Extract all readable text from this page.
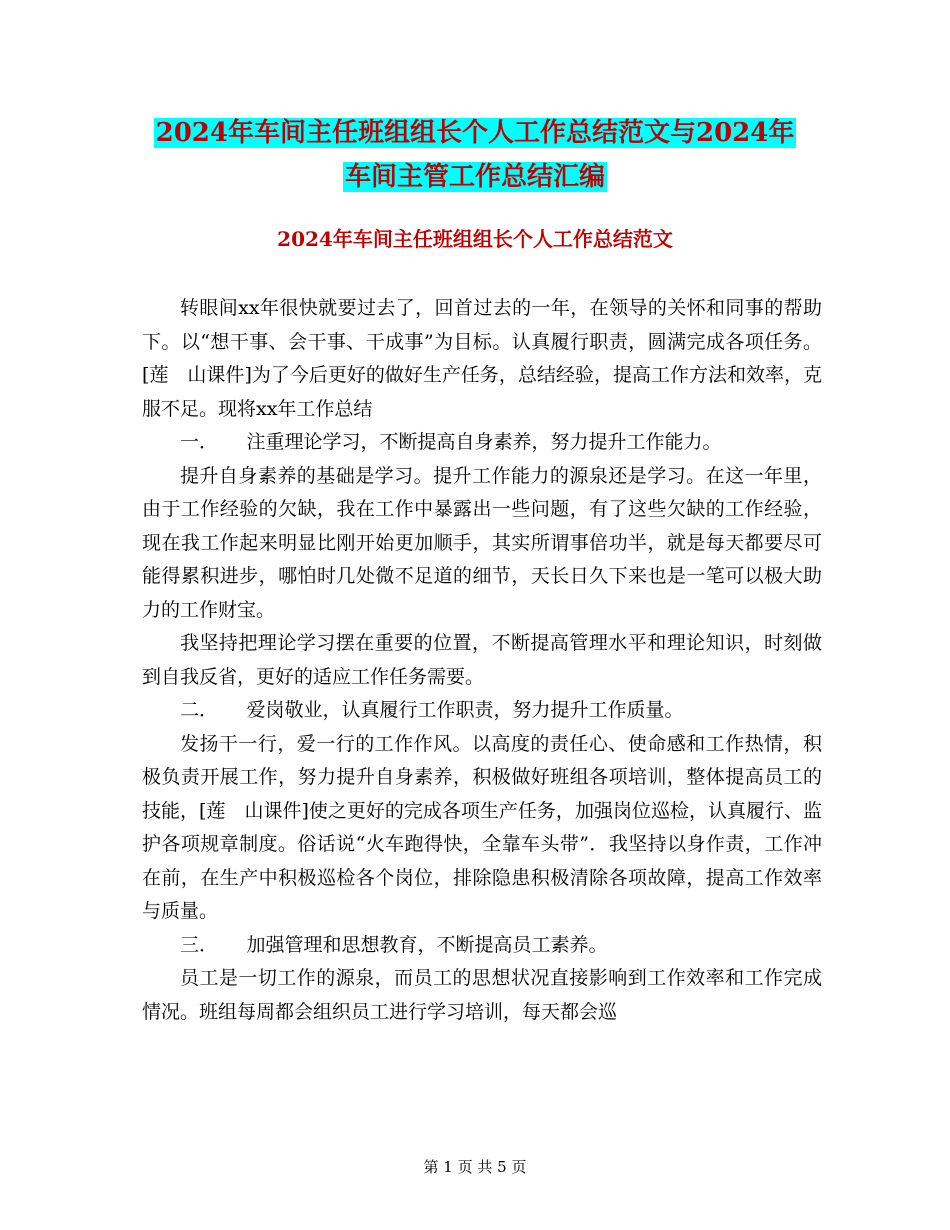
2024年车间主任班组组长个人工作总结范文与2024年
车间主管工作总结汇编
2024年车间主任班组组长个人工作总结范文

转眼间xx年很快就要过去了，回首过去的一年，在领导的关怀和同事的帮助下。以“想干事、会干事、干成事”为目标。认真履行职责，圆满完成各项任务。[莲　山课件]为了今后更好的做好生产任务，总结经验，提高工作方法和效率，克服不足。现将xx年工作总结

一．　　注重理论学习，不断提高自身素养，努力提升工作能力。

提升自身素养的基础是学习。提升工作能力的源泉还是学习。在这一年里，由于工作经验的欠缺，我在工作中暴露出一些问题，有了这些欠缺的工作经验，现在我工作起来明显比刚开始更加顺手，其实所谓事倍功半，就是每天都要尽可能得累积进步，哪怕时几处微不足道的细节，天长日久下来也是一笔可以极大助力的工作财宝。

我坚持把理论学习摆在重要的位置，不断提高管理水平和理论知识，时刻做到自我反省，更好的适应工作任务需要。

二．　　爱岗敬业，认真履行工作职责，努力提升工作质量。

发扬干一行，爱一行的工作作风。以高度的责任心、使命感和工作热情，积极负责开展工作，努力提升自身素养，积极做好班组各项培训，整体提高员工的技能，[莲　山课件]使之更好的完成各项生产任务，加强岗位巡检，认真履行、监护各项规章制度。俗话说“火车跑得快，全靠车头带”．我坚持以身作责，工作冲在前，在生产中积极巡检各个岗位，排除隐患积极清除各项故障，提高工作效率与质量。

三．　　加强管理和思想教育，不断提高员工素养。

员工是一切工作的源泉，而员工的思想状况直接影响到工作效率和工作完成情况。班组每周都会组织员工进行学习培训，每天都会巡

第 1 页 共 5 页
